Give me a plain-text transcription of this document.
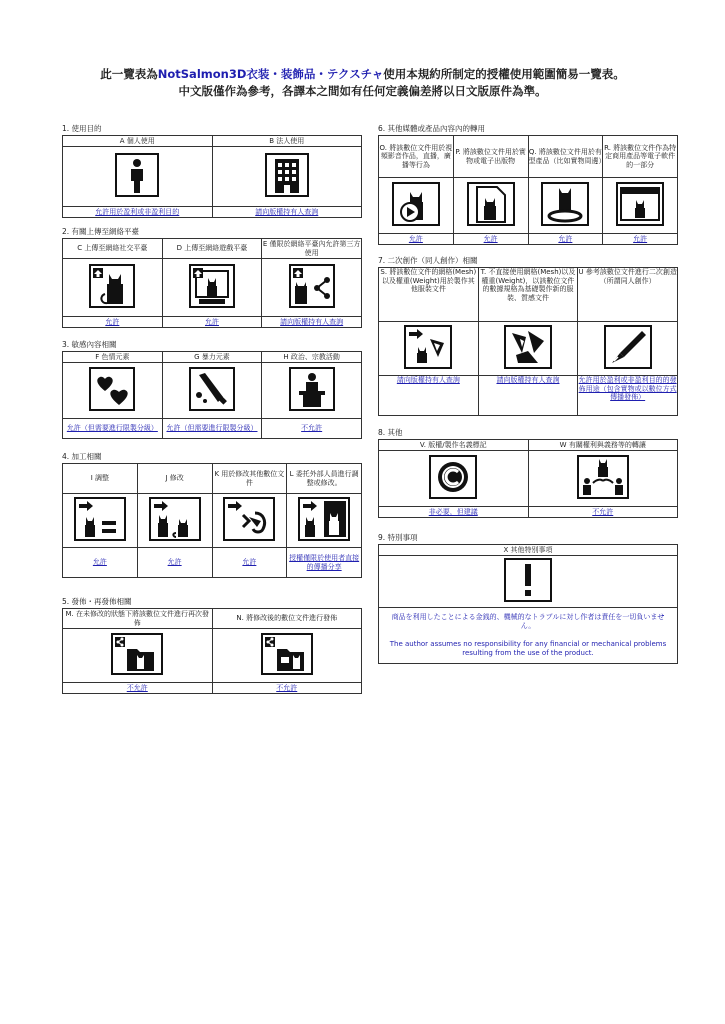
此一覽表為NotSalmon3D衣装・装飾品・テクスチャ使用本規約所制定的授權使用範圍簡易一覽表。
中文版僅作為參考，各譯本之間如有任何定義偏差將以日文版原件為準。
1. 使用目的
A 個人使用	B 法人使用

允許用於盈利或非盈利目的	請向版權持有人查詢
2. 有關上傳至網絡平臺
C 上傳至網絡社交平臺	D 上傳至網絡遊戲平臺	E 僅限於網絡平臺內允許第三方使用

允許	允許	請向版權持有人查詢
3. 敏感內容相關
F 色情元素	G 暴力元素	H 政治、宗教活動

允許（但需要進行限製分級）	允許（但需要進行限製分級）	不允許
4. 加工相關
I 調整	J 修改	K 用於修改其他數位文件	L 委托外部人員進行調整或修改。

允許	允許	允許	授權僅限於使用者直接的傳播分享
5. 發佈・再發佈相關
M. 在未修改的狀態下將該數位文件進行再次發佈	N. 將修改後的數位文件進行發佈

不允許	不允許
6. 其他媒體或產品內容內的轉用
O. 將該數位文件用於視頻影音作品，直播，廣播等行為	P. 將該數位文件用於實物或電子出版物	Q. 將該數位文件用於有型產品（比如實物周邊）	R. 將該數位文件作為特定商用產品等電子軟件的一部分

允許	允許	允許	允許
7. 二次創作（同人創作）相關
S. 將該數位文件的網格(Mesh)以及權重(Weight)用於製作其他服裝文件	T. 不直接使用網格(Mesh)以及權重(Weight)，以該數位文件的數據規格為基礎製作新的服裝、質感文件	U 參考該數位文件進行二次創造（所謂同人創作）

請向版權持有人查詢	請向版權持有人查詢	允許用於盈利或非盈利目的的發佈用途（包含實物或以數位方式傳播發佈）
8. 其他
V. 版權/製作名義標記	W 有關權利與義務等的轉讓

非必要，但建議	不允許
9. 特別事項
X 其他特別事項

商品を利用したことによる金銭的、機械的なトラブルに対し作者は責任を一切負いません。
The author assumes no responsibility for any financial or mechanical problems resulting from the use of the product.
